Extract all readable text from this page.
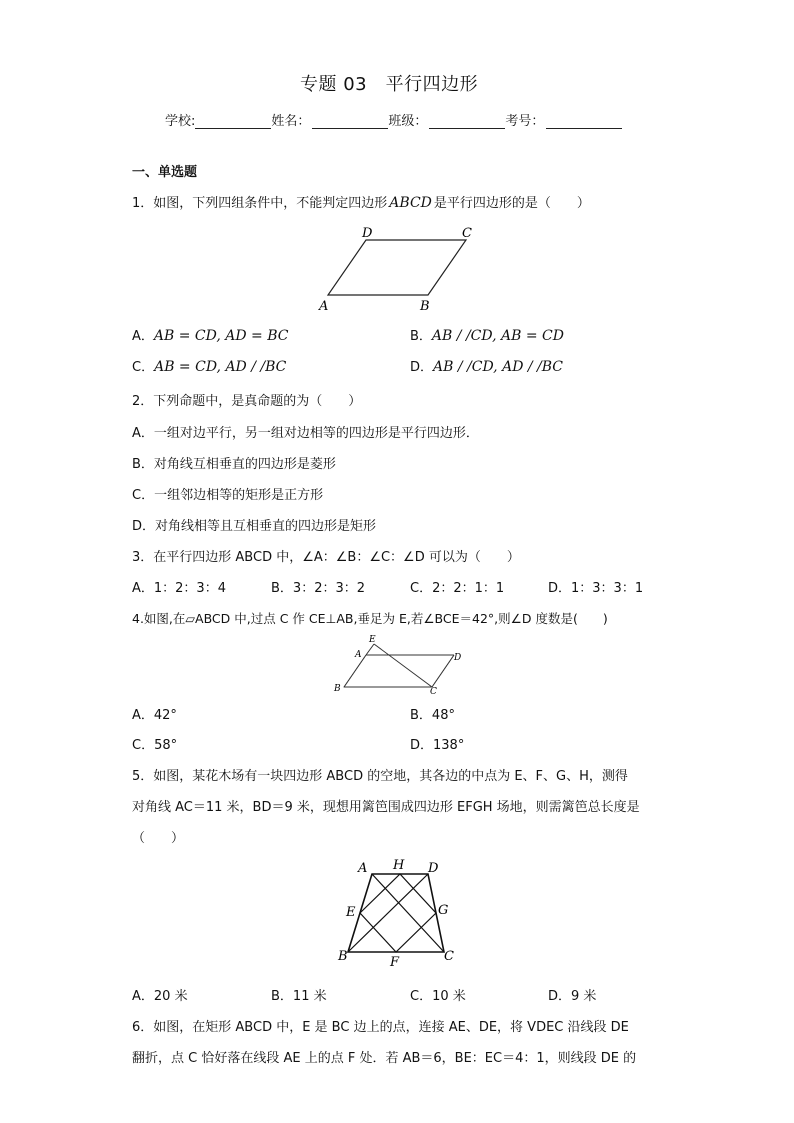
专题 03　平行四边形
学校:	姓名：	班级：	考号：
一、单选题
1．如图，下列四组条件中，不能判定四边形 ABCD 是平行四边形的是（　　）
D	C
A	B
A．AB = CD, AD = BC	B．AB / /CD, AB = CD
C．AB = CD, AD / /BC	D．AB / /CD, AD / /BC
2．下列命题中，是真命题的为（　　）
A．一组对边平行，另一组对边相等的四边形是平行四边形．
B．对角线互相垂直的四边形是菱形
C．一组邻边相等的矩形是正方形
D．对角线相等且互相垂直的四边形是矩形
3．在平行四边形 ABCD 中，∠A：∠B：∠C：∠D 可以为（　　）
A．1：2：3：4	B．3：2：3：2	C．2：2：1：1	D．1：3：3：1
4.如图,在▱ABCD 中,过点 C 作 CE⊥AB,垂足为 E,若∠BCE＝42°,则∠D 度数是(　　)
E
A	D
B	C
A．42°	B．48°
C．58°	D．138°
5．如图，某花木场有一块四边形 ABCD 的空地，其各边的中点为 E、F、G、H，测得
对角线 AC＝11 米，BD＝9 米，现想用篱笆围成四边形 EFGH 场地，则需篱笆总长度是
（　　）
A H D
E	G
B	F	C
A．20 米	B．11 米	C．10 米	D．9 米
6．如图，在矩形 ABCD 中，E 是 BC 边上的点，连接 AE、DE，将 VDEC 沿线段 DE
翻折，点 C 恰好落在线段 AE 上的点 F 处．若 AB＝6，BE：EC＝4：1，则线段 DE 的
